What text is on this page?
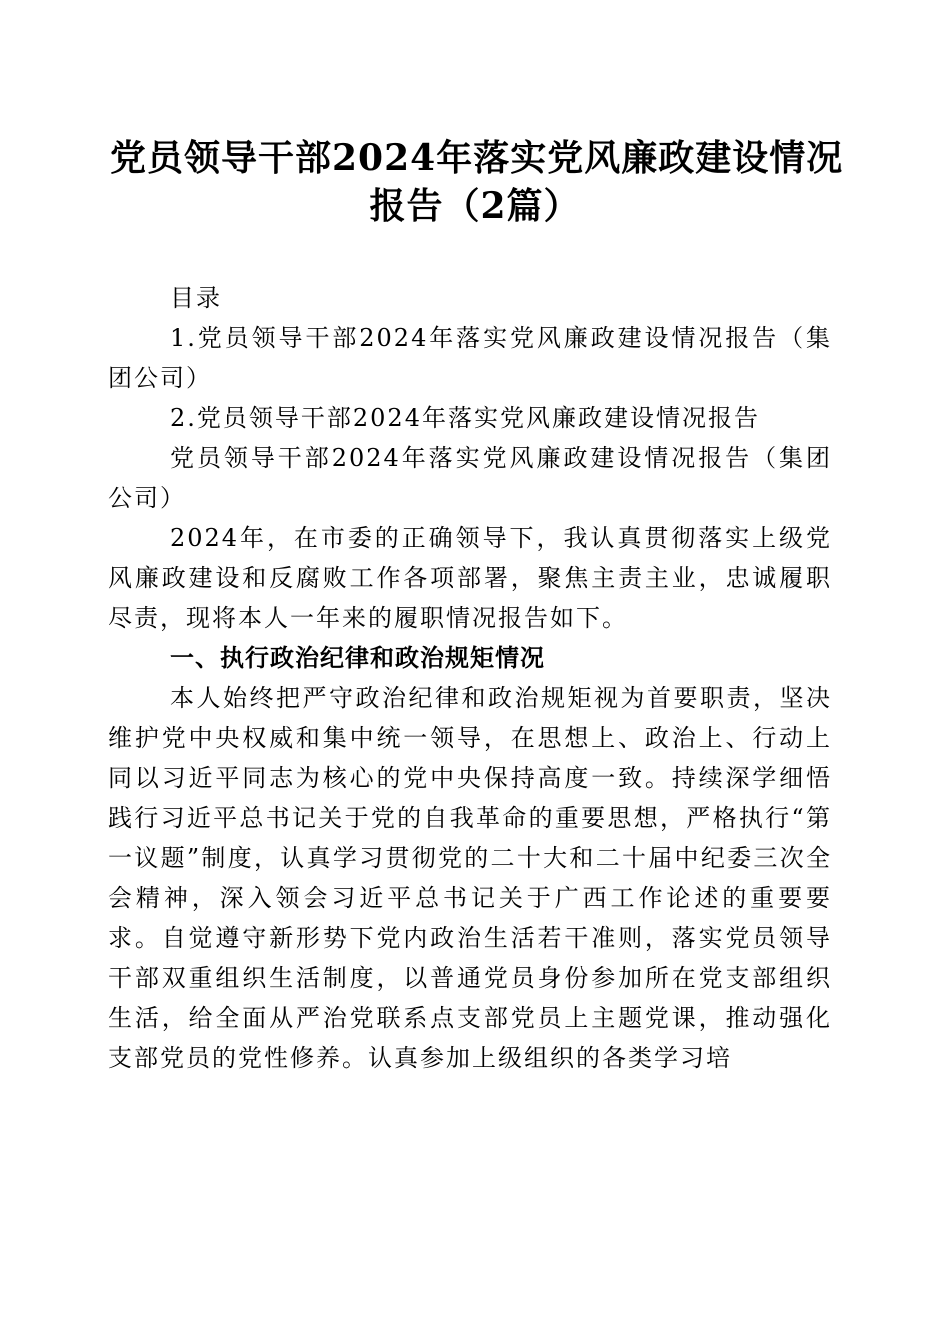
党员领导干部2024年落实党风廉政建设情况
报告（2篇）

目录

1.党员领导干部2024年落实党风廉政建设情况报告（集团公司）

2.党员领导干部2024年落实党风廉政建设情况报告

党员领导干部2024年落实党风廉政建设情况报告（集团公司）

2024年，在市委的正确领导下，我认真贯彻落实上级党风廉政建设和反腐败工作各项部署，聚焦主责主业，忠诚履职尽责，现将本人一年来的履职情况报告如下。

一、执行政治纪律和政治规矩情况

本人始终把严守政治纪律和政治规矩视为首要职责，坚决维护党中央权威和集中统一领导，在思想上、政治上、行动上同以习近平同志为核心的党中央保持高度一致。持续深学细悟践行习近平总书记关于党的自我革命的重要思想，严格执行“第一议题”制度，认真学习贯彻党的二十大和二十届中纪委三次全会精神，深入领会习近平总书记关于广西工作论述的重要要求。自觉遵守新形势下党内政治生活若干准则，落实党员领导干部双重组织生活制度，以普通党员身份参加所在党支部组织生活，给全面从严治党联系点支部党员上主题党课，推动强化支部党员的党性修养。认真参加上级组织的各类学习培
